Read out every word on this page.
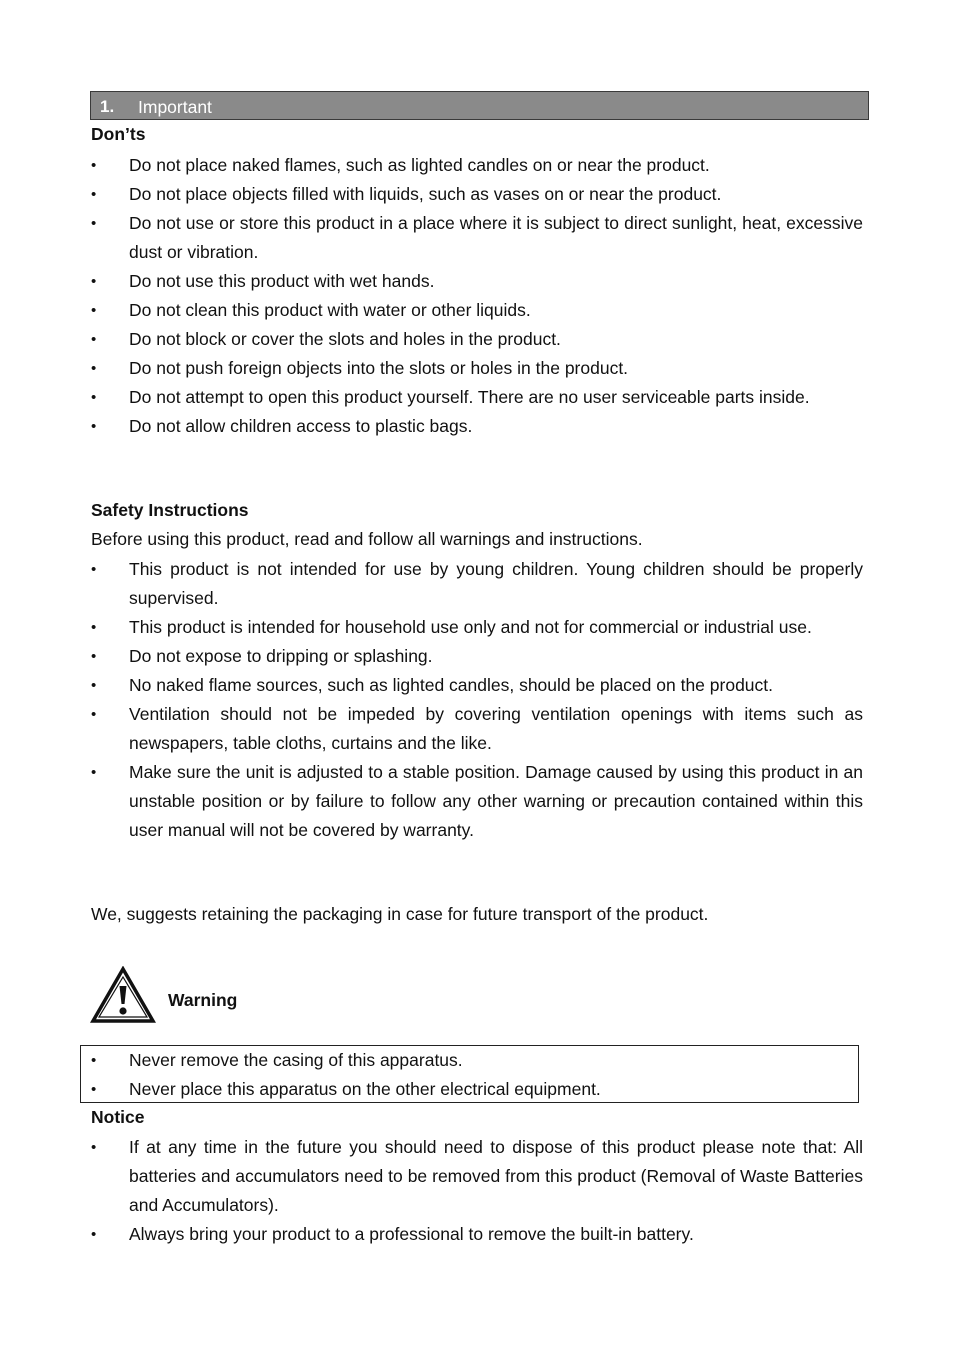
1. Important
Don’ts
• Do not place naked flames, such as lighted candles on or near the product.
• Do not place objects filled with liquids, such as vases on or near the product.
• Do not use or store this product in a place where it is subject to direct sunlight, heat, excessive dust or vibration.
• Do not use this product with wet hands.
• Do not clean this product with water or other liquids.
• Do not block or cover the slots and holes in the product.
• Do not push foreign objects into the slots or holes in the product.
• Do not attempt to open this product yourself. There are no user serviceable parts inside.
• Do not allow children access to plastic bags.
Safety Instructions
Before using this product, read and follow all warnings and instructions.
• This product is not intended for use by young children. Young children should be properly supervised.
• This product is intended for household use only and not for commercial or industrial use.
• Do not expose to dripping or splashing.
• No naked flame sources, such as lighted candles, should be placed on the product.
• Ventilation should not be impeded by covering ventilation openings with items such as newspapers, table cloths, curtains and the like.
• Make sure the unit is adjusted to a stable position. Damage caused by using this product in an unstable position or by failure to follow any other warning or precaution contained within this user manual will not be covered by warranty.
We, suggests retaining the packaging in case for future transport of the product.
Warning
• Never remove the casing of this apparatus.
• Never place this apparatus on the other electrical equipment.
Notice
• If at any time in the future you should need to dispose of this product please note that: All batteries and accumulators need to be removed from this product (Removal of Waste Batteries and Accumulators).
• Always bring your product to a professional to remove the built-in battery.
